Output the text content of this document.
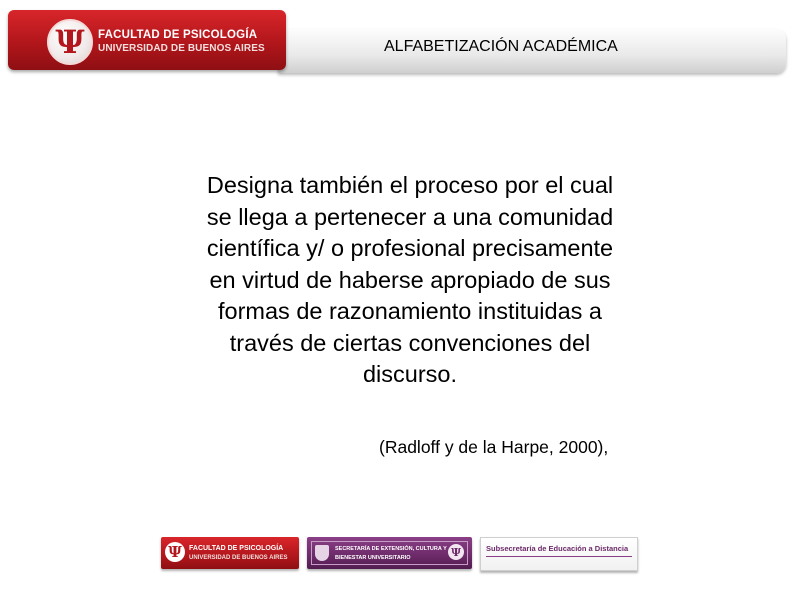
Ψ FACULTAD DE PSICOLOGÍA
UNIVERSIDAD DE BUENOS AIRES	ALFABETIZACIÓN ACADÉMICA
Designa también el proceso por el cual
se llega a pertenecer a una comunidad
científica y/ o profesional precisamente
en virtud de haberse apropiado de sus
formas de razonamiento instituidas a
través de ciertas convenciones del
discurso.
(Radloff y de la Harpe, 2000),
Ψ FACULTAD DE PSICOLOGÍA
UNIVERSIDAD DE BUENOS AIRES
SECRETARÍA DE EXTENSIÓN, CULTURA Y
BIENESTAR UNIVERSITARIO	Ψ	Subsecretaría de Educación a Distancia
